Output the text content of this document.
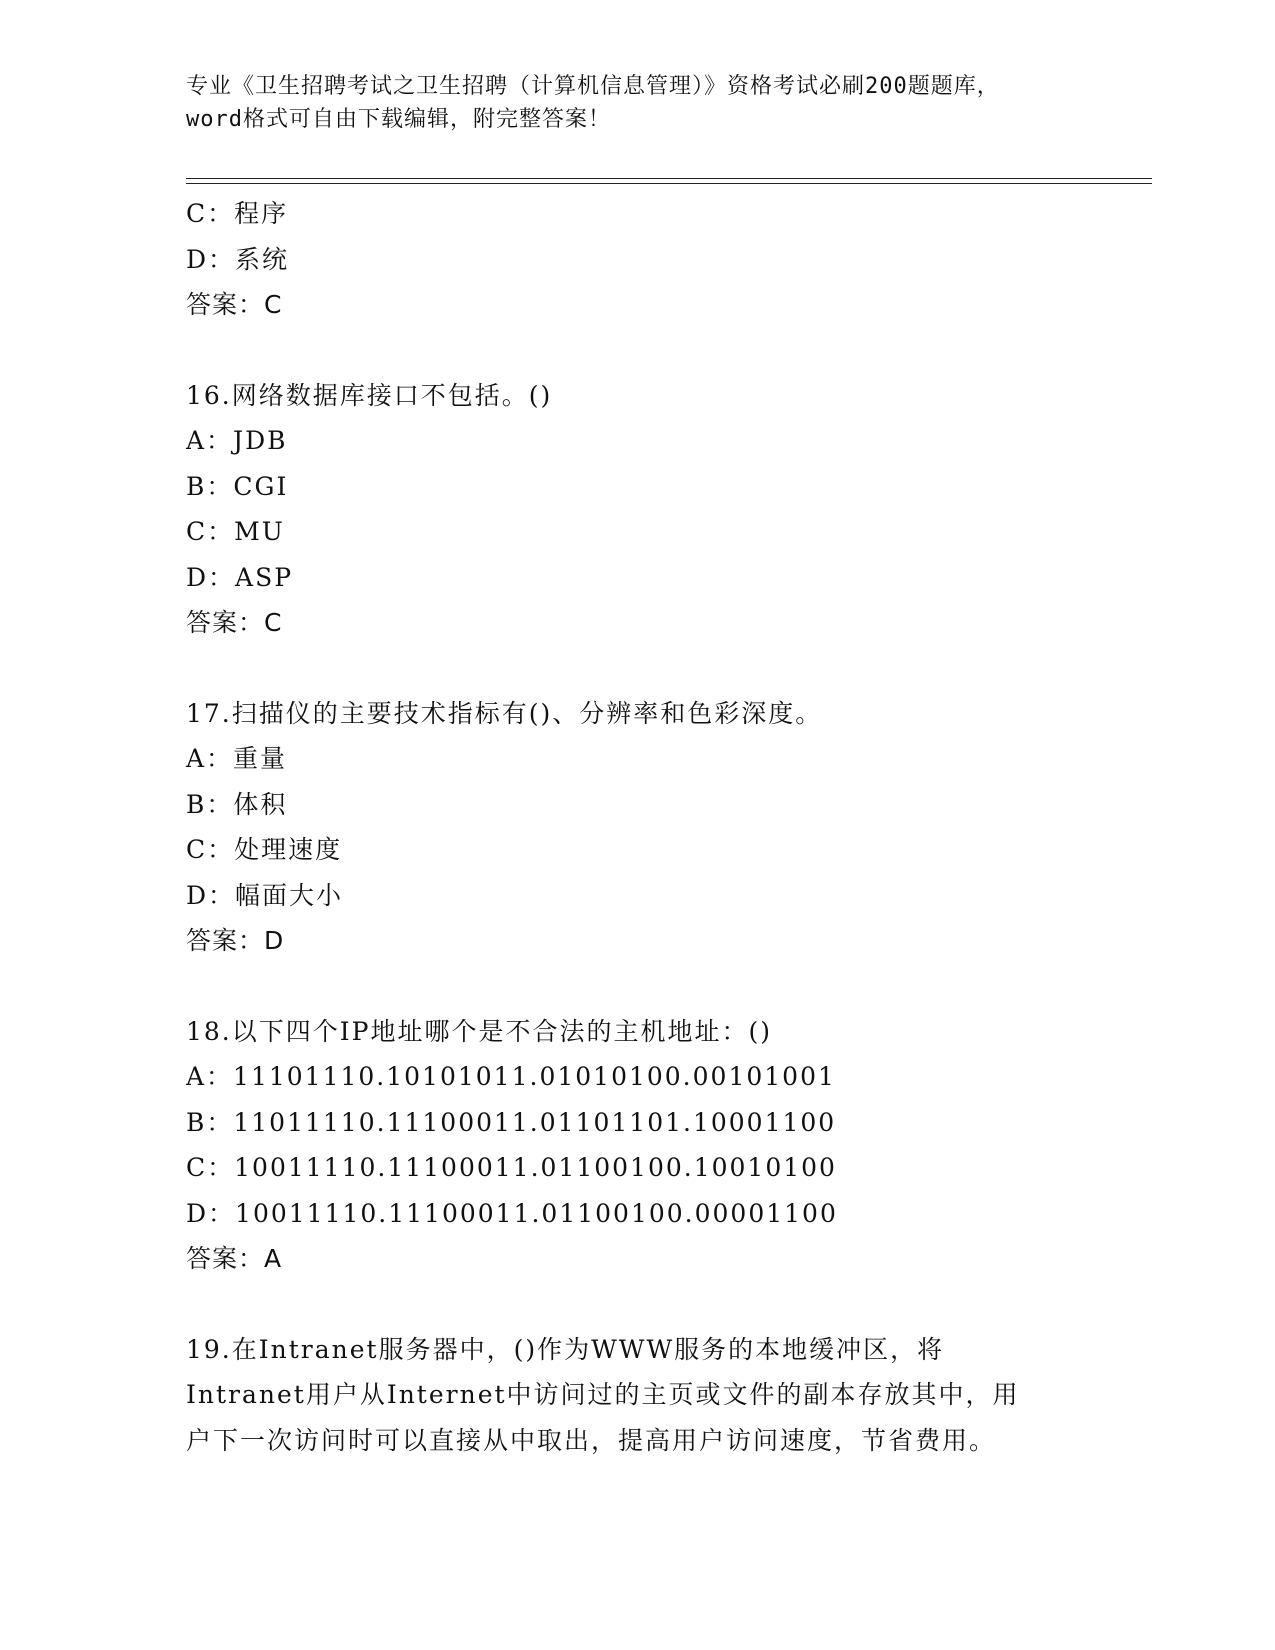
专业《卫生招聘考试之卫生招聘（计算机信息管理）》资格考试必刷200题题库，
word格式可自由下载编辑，附完整答案！
C：程序
D：系统
答案：C
16.网络数据库接口不包括。()
A：JDB
B：CGI
C：MU
D：ASP
答案：C
17.扫描仪的主要技术指标有()、分辨率和色彩深度。
A：重量
B：体积
C：处理速度
D：幅面大小
答案：D
18.以下四个IP地址哪个是不合法的主机地址：()
A：11101110.10101011.01010100.00101001
B：11011110.11100011.01101101.10001100
C：10011110.11100011.01100100.10010100
D：10011110.11100011.01100100.00001100
答案：A
19.在Intranet服务器中，()作为WWW服务的本地缓冲区，将
Intranet用户从Internet中访问过的主页或文件的副本存放其中，用
户下一次访问时可以直接从中取出，提高用户访问速度，节省费用。
